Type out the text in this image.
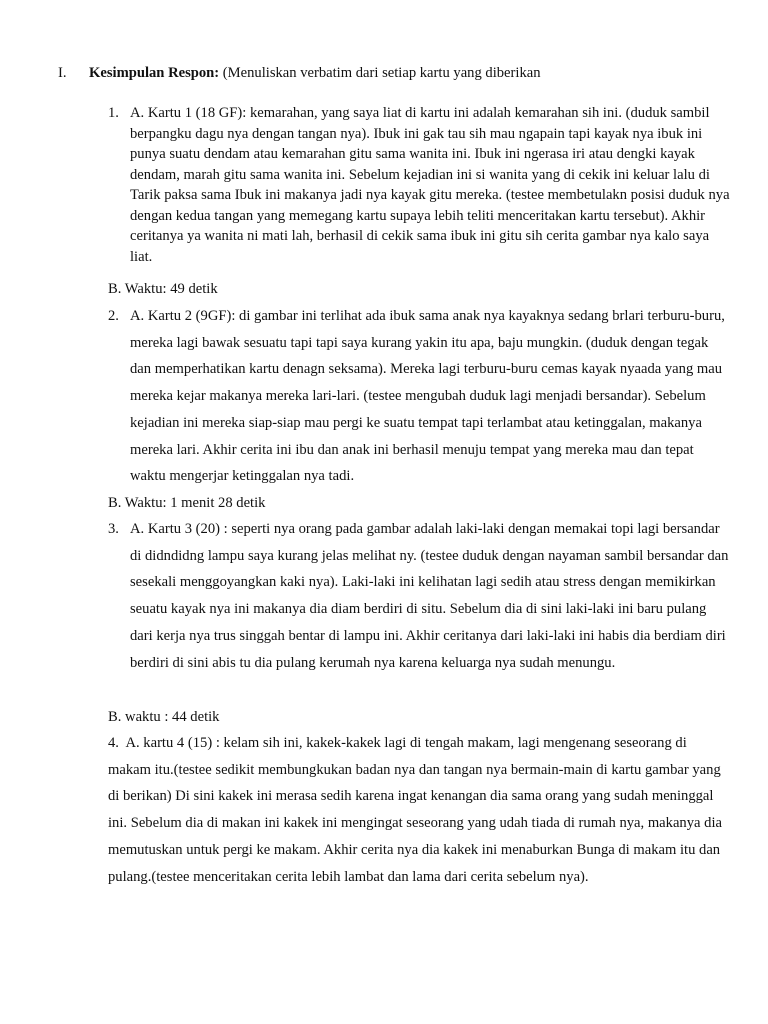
I. Kesimpulan Respon: (Menuliskan verbatim dari setiap kartu yang diberikan
1. A. Kartu 1 (18 GF): kemarahan, yang saya liat di kartu ini adalah kemarahan sih ini. (duduk sambil berpangku dagu nya dengan tangan nya). Ibuk ini gak tau sih mau ngapain tapi kayak nya ibuk ini punya suatu dendam atau kemarahan gitu sama wanita ini. Ibuk ini ngerasa iri atau dengki kayak dendam, marah gitu sama wanita ini. Sebelum kejadian ini si wanita yang di cekik ini keluar lalu di Tarik paksa sama Ibuk ini makanya jadi nya kayak gitu mereka. (testee membetulakn posisi duduk nya dengan kedua tangan yang memegang kartu supaya lebih teliti menceritakan kartu tersebut). Akhir ceritanya ya wanita ni mati lah, berhasil di cekik sama ibuk ini gitu sih cerita gambar nya kalo saya liat.
B. Waktu: 49 detik
2. A. Kartu 2 (9GF): di gambar ini terlihat ada ibuk sama anak nya kayaknya sedang brlari terburu-buru, mereka lagi bawak sesuatu tapi tapi saya kurang yakin itu apa, baju mungkin. (duduk dengan tegak dan memperhatikan kartu denagn seksama). Mereka lagi terburu-buru cemas kayak nyaada yang mau mereka kejar makanya mereka lari-lari. (testee mengubah duduk lagi menjadi bersandar). Sebelum kejadian ini mereka siap-siap mau pergi ke suatu tempat tapi terlambat atau ketinggalan, makanya mereka lari. Akhir cerita ini ibu dan anak ini berhasil menuju tempat yang mereka mau dan tepat waktu mengerjar ketinggalan nya tadi.
B. Waktu: 1 menit 28 detik
3. A. Kartu 3 (20) : seperti nya orang pada gambar adalah laki-laki dengan memakai topi lagi bersandar di didndidng lampu saya kurang jelas melihat ny. (testee duduk dengan nayaman sambil bersandar dan sesekali menggoyangkan kaki nya). Laki-laki ini kelihatan lagi sedih atau stress dengan memikirkan seuatu kayak nya ini makanya dia diam berdiri di situ. Sebelum dia di sini laki-laki ini baru pulang dari kerja nya trus singgah bentar di lampu ini. Akhir ceritanya dari laki-laki ini habis dia berdiam diri berdiri di sini abis tu dia pulang kerumah nya karena keluarga nya sudah menungu.
B. waktu : 44 detik
4. A. kartu 4 (15) : kelam sih ini, kakek-kakek lagi di tengah makam, lagi mengenang seseorang di makam itu.(testee sedikit membungkukan badan nya dan tangan nya bermain-main di kartu gambar yang di berikan) Di sini kakek ini merasa sedih karena ingat kenangan dia sama orang yang sudah meninggal ini. Sebelum dia di makan ini kakek ini mengingat seseorang yang udah tiada di rumah nya, makanya dia memutuskan untuk pergi ke makam. Akhir cerita nya dia kakek ini menaburkan Bunga di makam itu dan pulang.(testee menceritakan cerita lebih lambat dan lama dari cerita sebelum nya).
